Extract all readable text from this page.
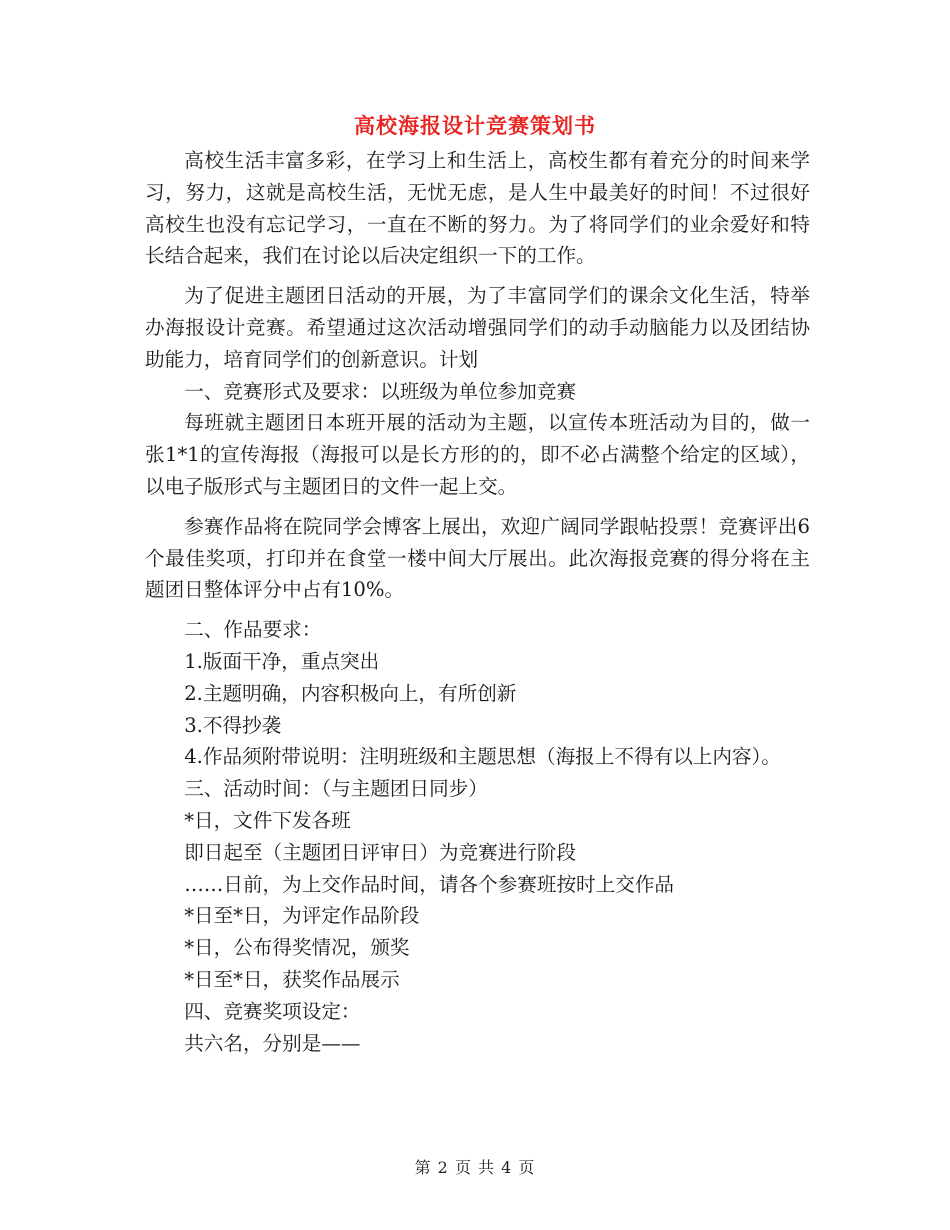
高校海报设计竞赛策划书

高校生活丰富多彩，在学习上和生活上，高校生都有着充分的时间来学习，努力，这就是高校生活，无忧无虑，是人生中最美好的时间！不过很好高校生也没有忘记学习，一直在不断的努力。为了将同学们的业余爱好和特长结合起来，我们在讨论以后决定组织一下的工作。

为了促进主题团日活动的开展，为了丰富同学们的课余文化生活，特举办海报设计竞赛。希望通过这次活动增强同学们的动手动脑能力以及团结协助能力，培育同学们的创新意识。计划

一、竞赛形式及要求：以班级为单位参加竞赛

每班就主题团日本班开展的活动为主题，以宣传本班活动为目的，做一张1*1的宣传海报（海报可以是长方形的的，即不必占满整个给定的区域），以电子版形式与主题团日的文件一起上交。

参赛作品将在院同学会博客上展出，欢迎广阔同学跟帖投票！竞赛评出6个最佳奖项，打印并在食堂一楼中间大厅展出。此次海报竞赛的得分将在主题团日整体评分中占有10%。

二、作品要求：

1.版面干净，重点突出

2.主题明确，内容积极向上，有所创新

3.不得抄袭

4.作品须附带说明：注明班级和主题思想（海报上不得有以上内容）。

三、活动时间：（与主题团日同步）

*日，文件下发各班

即日起至（主题团日评审日）为竞赛进行阶段

……日前，为上交作品时间，请各个参赛班按时上交作品

*日至*日，为评定作品阶段

*日，公布得奖情况，颁奖

*日至*日，获奖作品展示

四、竞赛奖项设定：

共六名，分别是——

第 2 页 共 4 页
